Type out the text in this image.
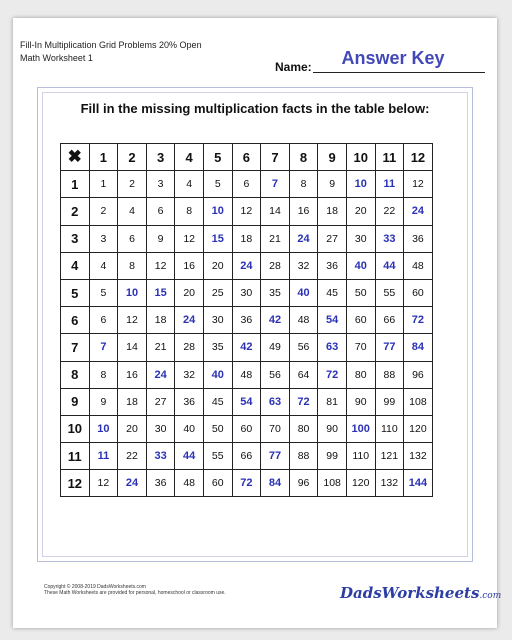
Fill-In Multiplication Grid Problems 20% Open
Math Worksheet 1
Name:	Answer Key
Fill in the missing multiplication facts in the table below:
✖	1	2	3	4	5	6	7	8	9	10	11	12
1	1	2	3	4	5	6	7	8	9	10	11	12
2	2	4	6	8	10	12	14	16	18	20	22	24
3	3	6	9	12	15	18	21	24	27	30	33	36
4	4	8	12	16	20	24	28	32	36	40	44	48
5	5	10	15	20	25	30	35	40	45	50	55	60
6	6	12	18	24	30	36	42	48	54	60	66	72
7	7	14	21	28	35	42	49	56	63	70	77	84
8	8	16	24	32	40	48	56	64	72	80	88	96
9	9	18	27	36	45	54	63	72	81	90	99	108
10	10	20	30	40	50	60	70	80	90	100	110	120
11	11	22	33	44	55	66	77	88	99	110	121	132
12	12	24	36	48	60	72	84	96	108	120	132	144
Copyright © 2008-2019 DadsWorksheets.com
These Math Worksheets are provided for personal, homeschool or classroom use.	DadsWorksheets.com
